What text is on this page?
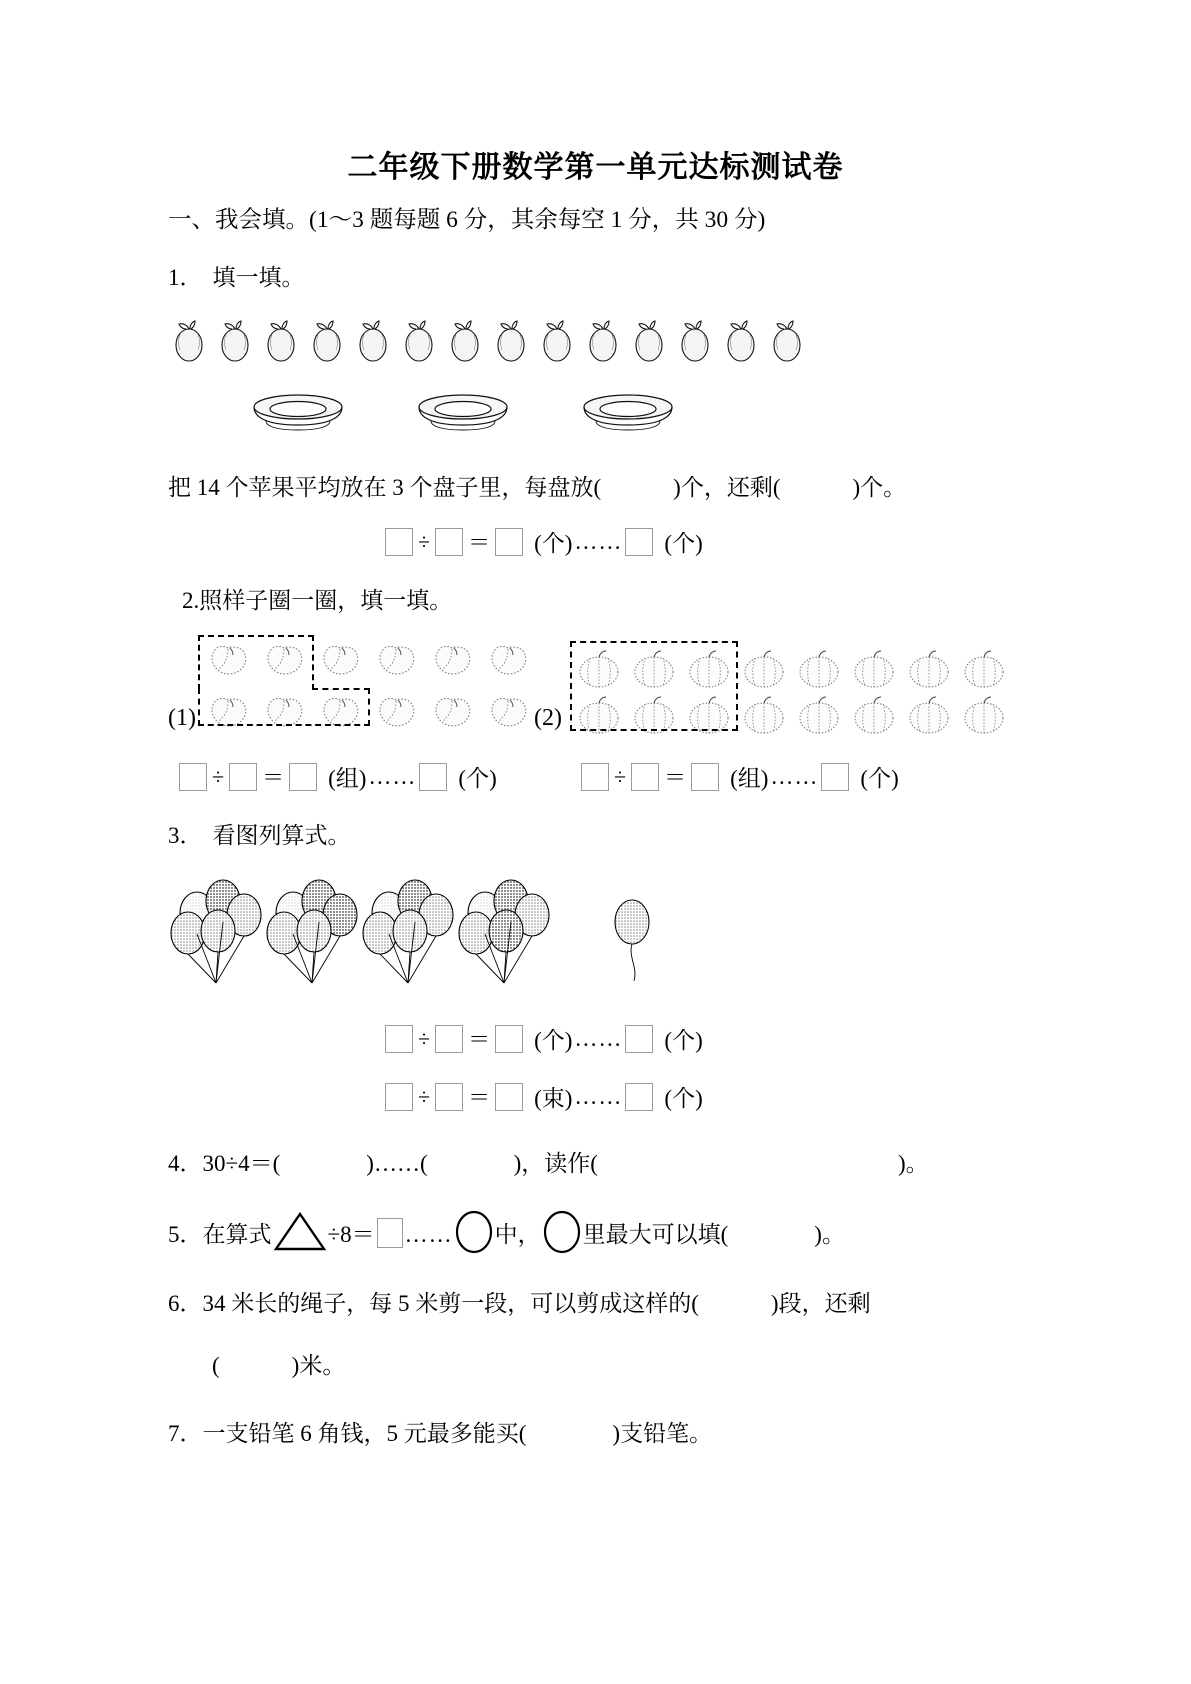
二年级下册数学第一单元达标测试卷
一、我会填。(1～3 题每题 6 分，其余每空 1 分，共 30 分)
1． 填一填。
把 14 个苹果平均放在 3 个盘子里，每盘放(	)个，还剩(	)个。
÷ ＝ (个) …… (个)
2.照样子圈一圈，填一填。
(1)	(2)
÷ ＝ (组) …… (个)	÷ ＝ (组) …… (个)
3． 看图列算式。
÷ ＝ (个) …… (个)
÷ ＝ (束) …… (个)
4．30÷4＝(	)……(	)，读作(	)。
5．在算式 ÷8＝ …… 中， 里最大可以填(	)。
6．34 米长的绳子，每 5 米剪一段，可以剪成这样的(	)段，还剩
(	)米。
7．一支铅笔 6 角钱，5 元最多能买(	)支铅笔。
